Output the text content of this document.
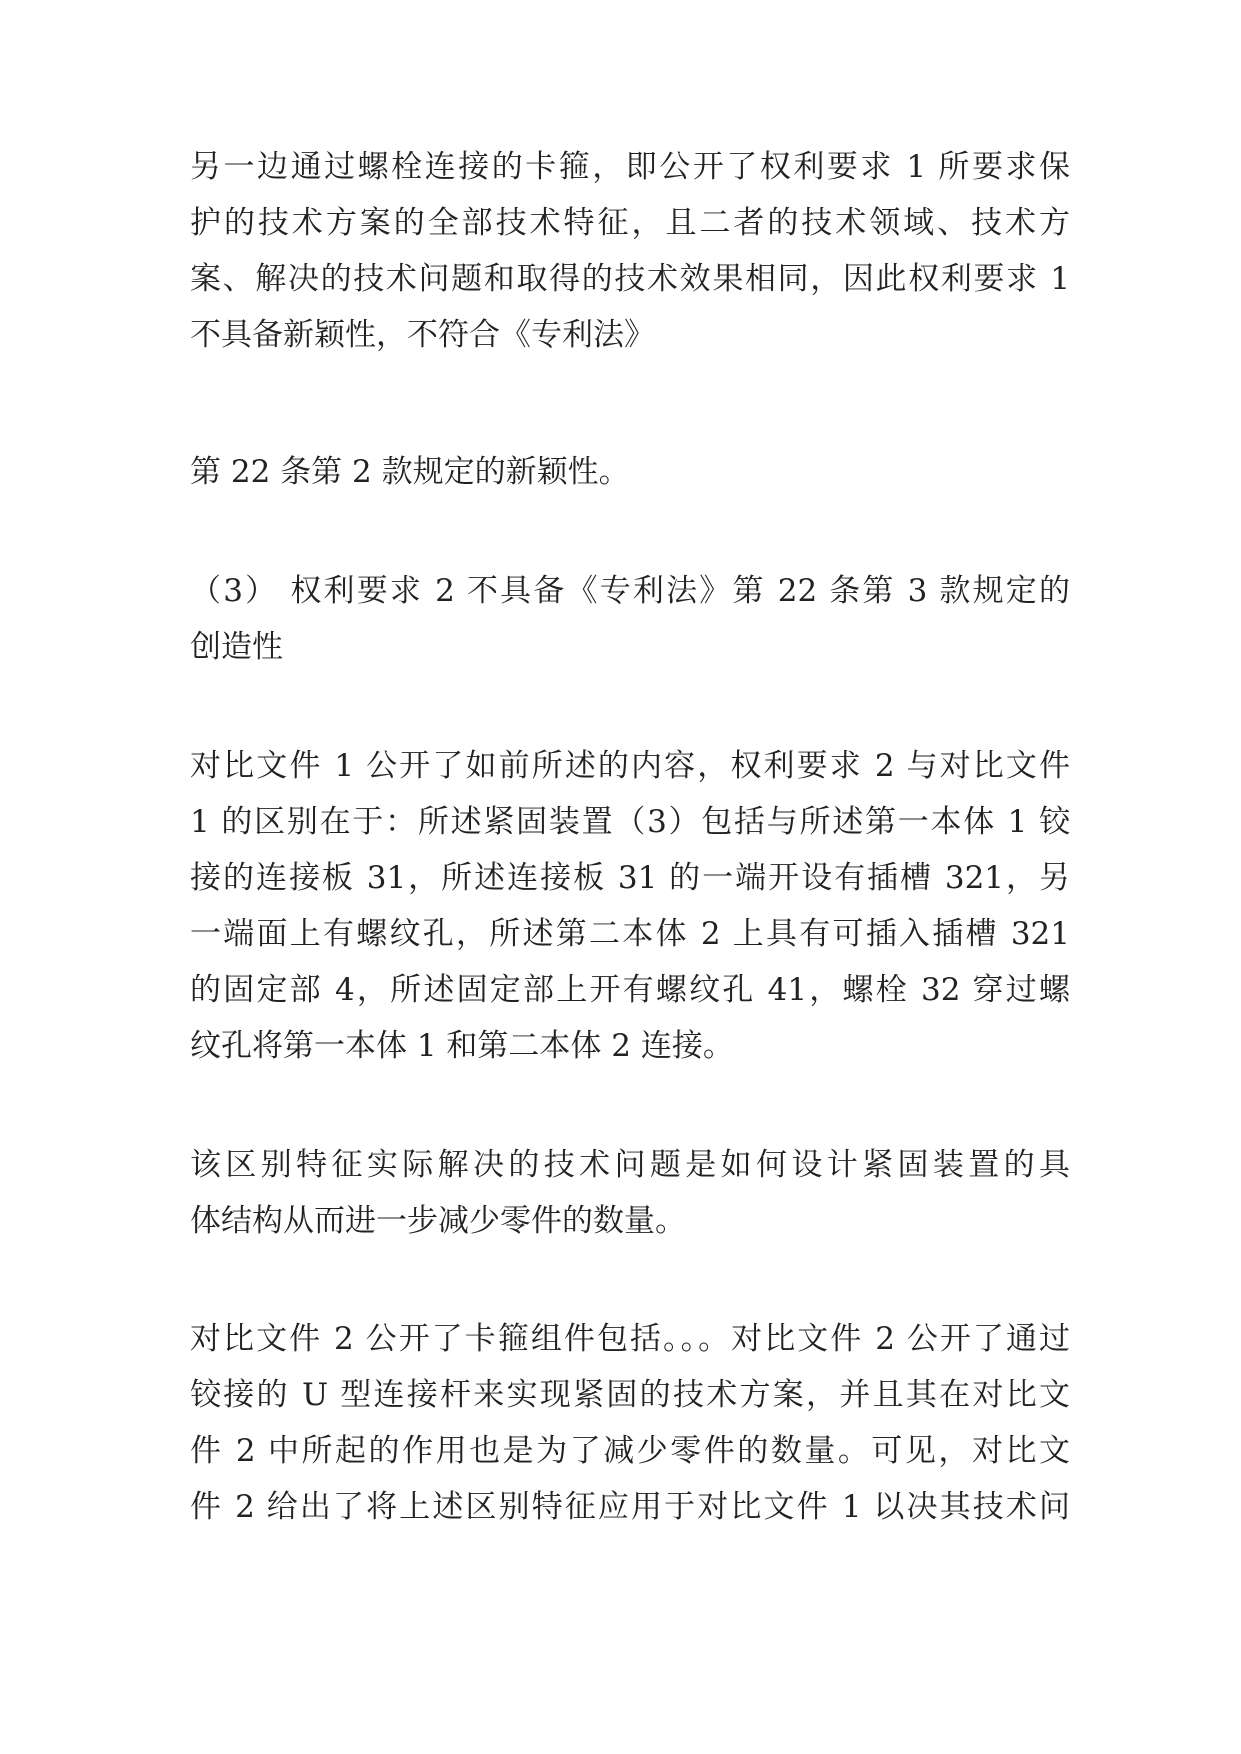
另一边通过螺栓连接的卡箍，即公开了权利要求 1 所要求保
护的技术方案的全部技术特征，且二者的技术领域、技术方
案、解决的技术问题和取得的技术效果相同，因此权利要求 1
不具备新颖性，不符合《专利法》
第 22 条第 2 款规定的新颖性。
（3） 权利要求 2 不具备《专利法》第 22 条第 3 款规定的
创造性
对比文件 1 公开了如前所述的内容，权利要求 2 与对比文件
1 的区别在于：所述紧固装置（3）包括与所述第一本体 1 铰
接的连接板 31，所述连接板 31 的一端开设有插槽 321，另
一端面上有螺纹孔，所述第二本体 2 上具有可插入插槽 321
的固定部 4，所述固定部上开有螺纹孔 41，螺栓 32 穿过螺
纹孔将第一本体 1 和第二本体 2 连接。
该区别特征实际解决的技术问题是如何设计紧固装置的具
体结构从而进一步减少零件的数量。
对比文件 2 公开了卡箍组件包括。。。对比文件 2 公开了通过
铰接的 U 型连接杆来实现紧固的技术方案，并且其在对比文
件 2 中所起的作用也是为了减少零件的数量。可见，对比文
件 2 给出了将上述区别特征应用于对比文件 1 以决其技术问
